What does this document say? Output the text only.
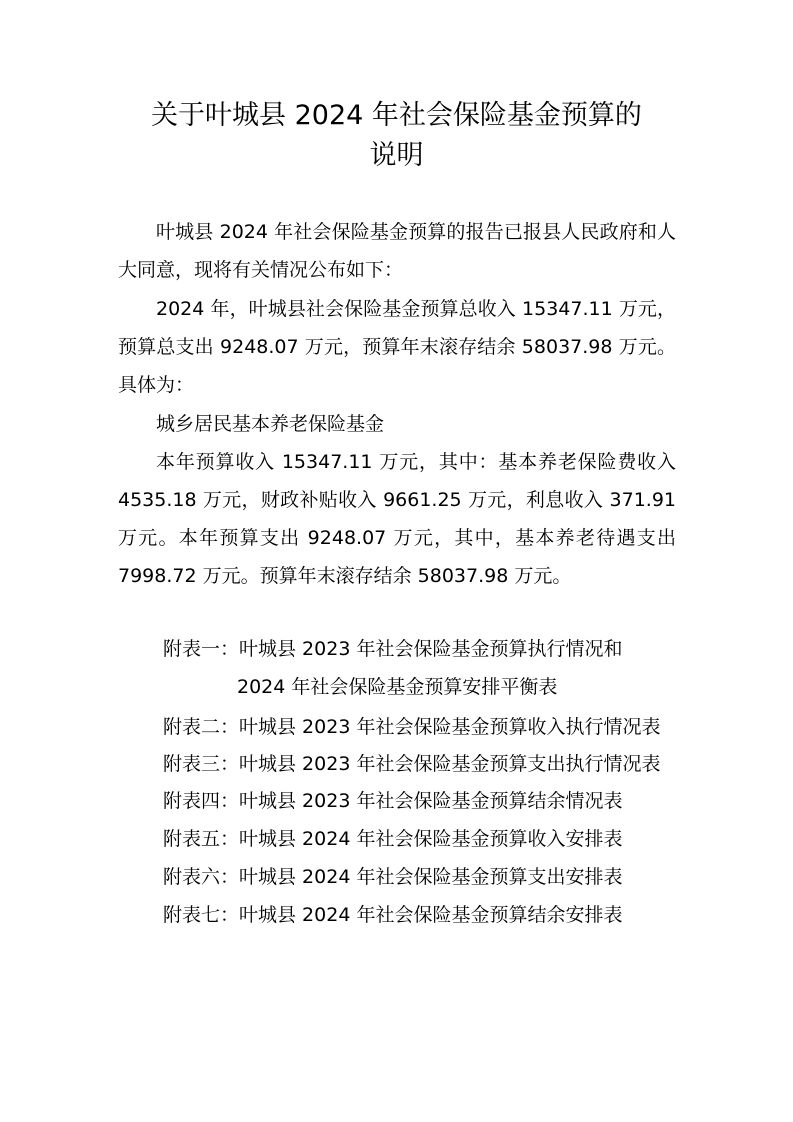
关于叶城县 2024 年社会保险基金预算的
说明

叶城县 2024 年社会保险基金预算的报告已报县人民政府和人大同意，现将有关情况公布如下：

2024 年，叶城县社会保险基金预算总收入 15347.11 万元，预算总支出 9248.07 万元，预算年末滚存结余 58037.98 万元。具体为：

城乡居民基本养老保险基金

本年预算收入 15347.11 万元，其中：基本养老保险费收入 4535.18 万元，财政补贴收入 9661.25 万元，利息收入 371.91 万元。本年预算支出 9248.07 万元，其中，基本养老待遇支出7998.72 万元。预算年末滚存结余 58037.98 万元。

附表一：叶城县 2023 年社会保险基金预算执行情况和

2024 年社会保险基金预算安排平衡表

附表二：叶城县 2023 年社会保险基金预算收入执行情况表

附表三：叶城县 2023 年社会保险基金预算支出执行情况表

附表四：叶城县 2023 年社会保险基金预算结余情况表

附表五：叶城县 2024 年社会保险基金预算收入安排表

附表六：叶城县 2024 年社会保险基金预算支出安排表

附表七：叶城县 2024 年社会保险基金预算结余安排表
